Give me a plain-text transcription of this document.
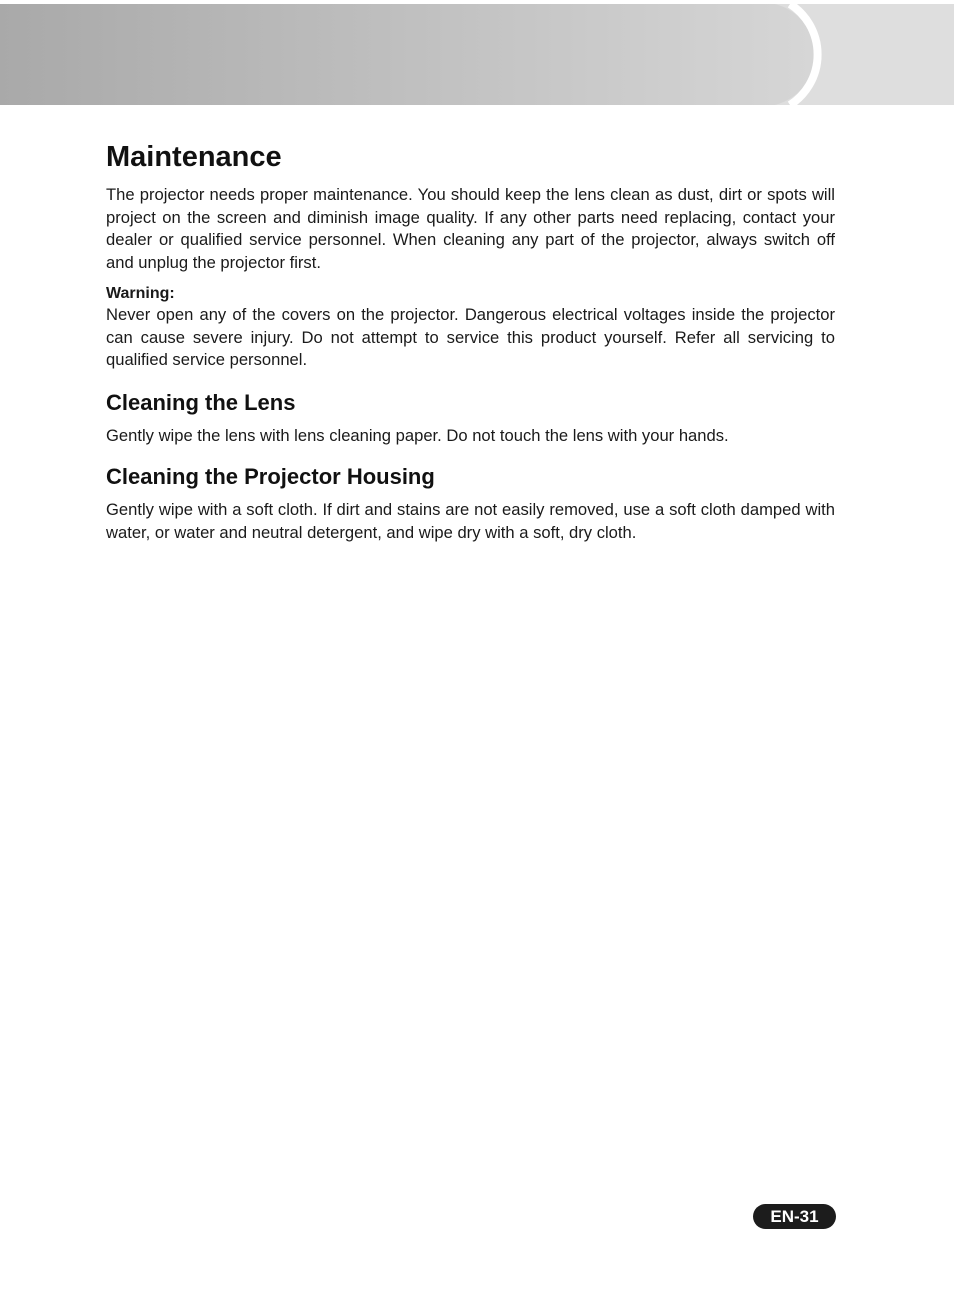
Maintenance

The projector needs proper maintenance. You should keep the lens clean as dust, dirt or spots will project on the screen and diminish image quality. If any other parts need replacing, contact your dealer or qualified service personnel. When cleaning any part of the projector, always switch off and unplug the projector first.

Warning:

Never open any of the covers on the projector. Dangerous electrical voltages inside the projector can cause severe injury. Do not attempt to service this product yourself. Refer all servicing to qualified service personnel.

Cleaning the Lens

Gently wipe the lens with lens cleaning paper. Do not touch the lens with your hands.

Cleaning the Projector Housing

Gently wipe with a soft cloth. If dirt and stains are not easily removed, use a soft cloth damped with water, or water and neutral detergent, and wipe dry with a soft, dry cloth.

EN-31
